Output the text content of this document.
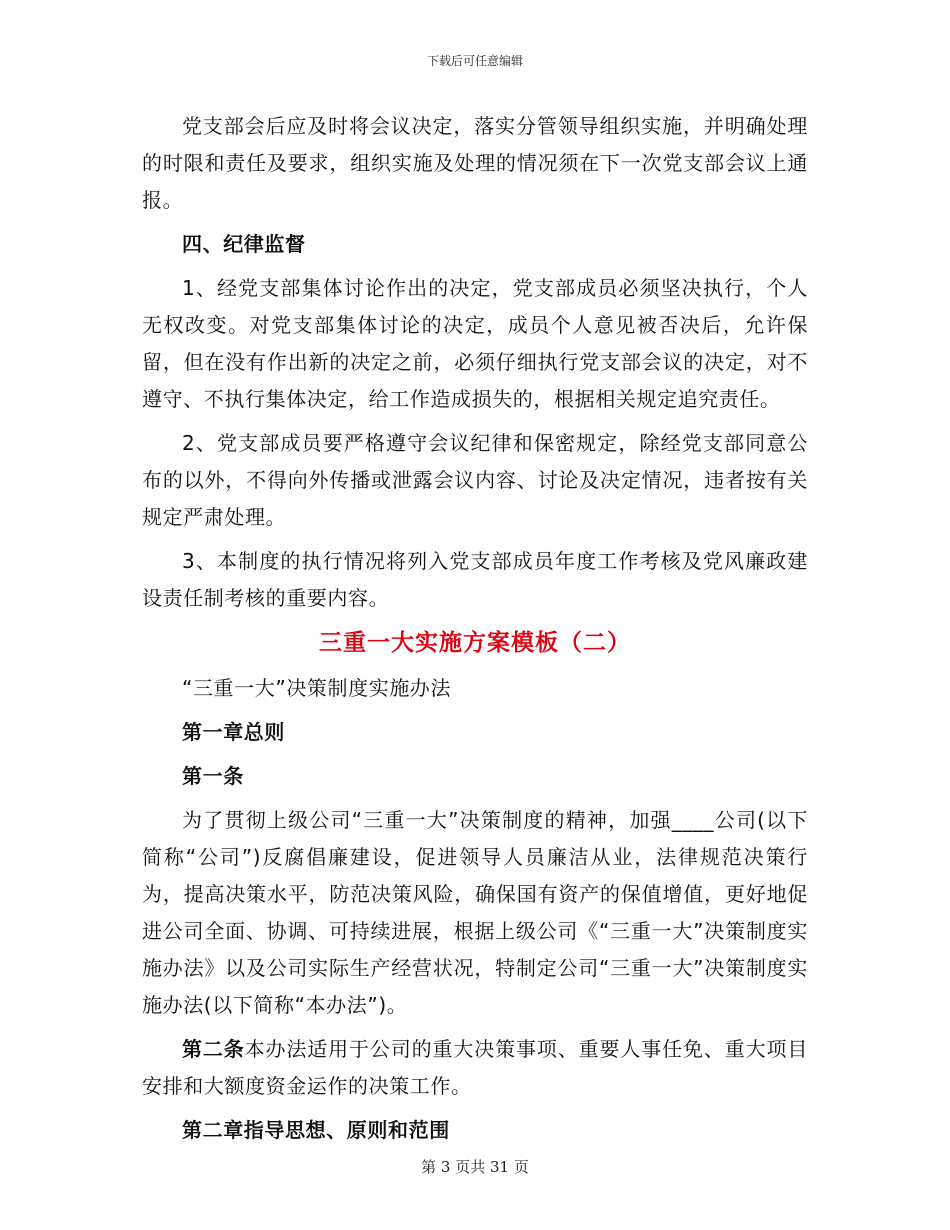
下载后可任意编辑

党支部会后应及时将会议决定，落实分管领导组织实施，并明确处理的时限和责任及要求，组织实施及处理的情况须在下一次党支部会议上通报。

四、纪律监督

1、经党支部集体讨论作出的决定，党支部成员必须坚决执行，个人无权改变。对党支部集体讨论的决定，成员个人意见被否决后，允许保留，但在没有作出新的决定之前，必须仔细执行党支部会议的决定，对不遵守、不执行集体决定，给工作造成损失的，根据相关规定追究责任。

2、党支部成员要严格遵守会议纪律和保密规定，除经党支部同意公布的以外，不得向外传播或泄露会议内容、讨论及决定情况，违者按有关规定严肃处理。

3、本制度的执行情况将列入党支部成员年度工作考核及党风廉政建设责任制考核的重要内容。

三重一大实施方案模板（二）

“三重一大”决策制度实施办法

第一章总则

第一条

为了贯彻上级公司“三重一大”决策制度的精神，加强____公司(以下简称“公司”)反腐倡廉建设，促进领导人员廉洁从业，法律规范决策行为，提高决策水平，防范决策风险，确保国有资产的保值增值，更好地促进公司全面、协调、可持续进展，根据上级公司《“三重一大”决策制度实施办法》以及公司实际生产经营状况，特制定公司“三重一大”决策制度实施办法(以下简称“本办法”)。

第二条本办法适用于公司的重大决策事项、重要人事任免、重大项目安排和大额度资金运作的决策工作。

第二章指导思想、原则和范围

第 3 页共 31 页
